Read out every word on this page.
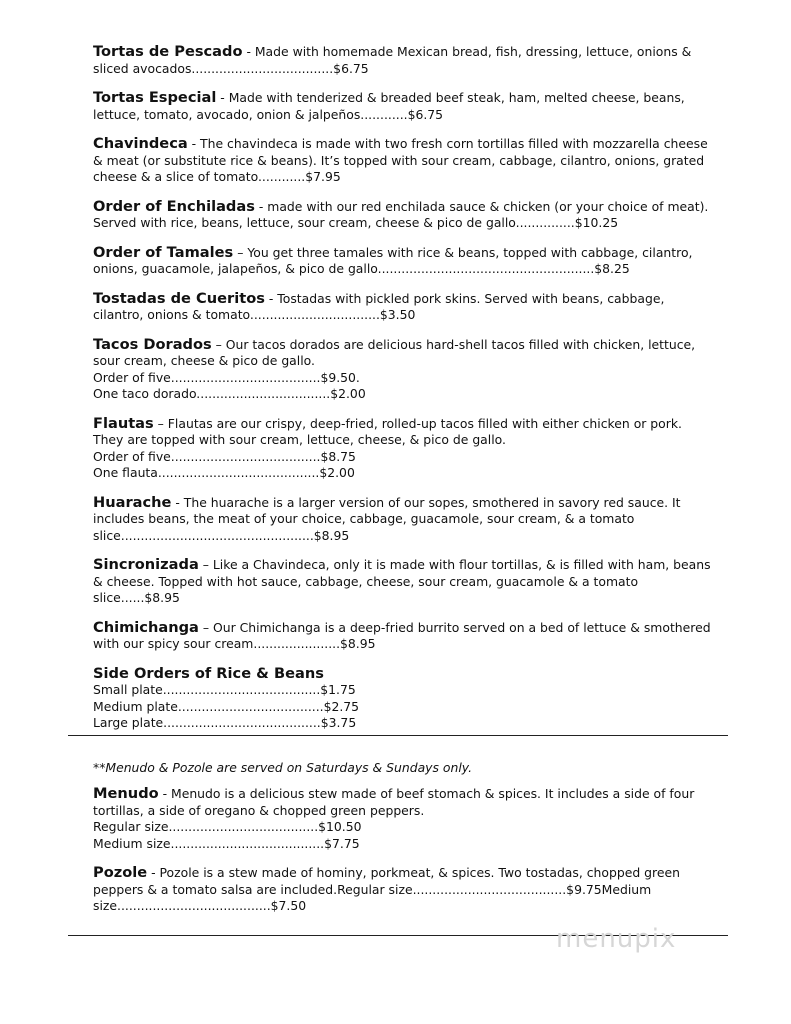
Tortas de Pescado - Made with homemade Mexican bread, fish, dressing, lettuce, onions & sliced avocados....................................$6.75
Tortas Especial - Made with tenderized & breaded beef steak, ham, melted cheese, beans, lettuce, tomato, avocado, onion & jalpeños............$6.75
Chavindeca - The chavindeca is made with two fresh corn tortillas filled with mozzarella cheese & meat (or substitute rice & beans). It’s topped with sour cream, cabbage, cilantro, onions, grated cheese & a slice of tomato............$7.95
Order of Enchiladas - made with our red enchilada sauce & chicken (or your choice of meat). Served with rice, beans, lettuce, sour cream, cheese & pico de gallo...............$10.25
Order of Tamales – You get three tamales with rice & beans, topped with cabbage, cilantro, onions, guacamole, jalapeños, & pico de gallo.......................................................$8.25
Tostadas de Cueritos - Tostadas with pickled pork skins. Served with beans, cabbage, cilantro, onions & tomato.................................$3.50
Tacos Dorados – Our tacos dorados are delicious hard-shell tacos filled with chicken, lettuce, sour cream, cheese & pico de gallo.
Order of five......................................$9.50.
One taco dorado..................................$2.00
Flautas – Flautas are our crispy, deep-fried, rolled-up tacos filled with either chicken or pork. They are topped with sour cream, lettuce, cheese, & pico de gallo.
Order of five......................................$8.75
One flauta.........................................$2.00
Huarache - The huarache is a larger version of our sopes, smothered in savory red sauce. It includes beans, the meat of your choice, cabbage, guacamole, sour cream, & a tomato slice.................................................$8.95
Sincronizada – Like a Chavindeca, only it is made with flour tortillas, & is filled with ham, beans & cheese. Topped with hot sauce, cabbage, cheese, sour cream, guacamole & a tomato slice......$8.95
Chimichanga – Our Chimichanga is a deep-fried burrito served on a bed of lettuce & smothered with our spicy sour cream......................$8.95
Side Orders of Rice & Beans
Small plate........................................$1.75
Medium plate.....................................$2.75
Large plate........................................$3.75
**Menudo & Pozole are served on Saturdays & Sundays only.
Menudo - Menudo is a delicious stew made of beef stomach & spices. It includes a side of four tortillas, a side of oregano & chopped green peppers.
Regular size......................................$10.50
Medium size.......................................$7.75
Pozole - Pozole is a stew made of hominy, porkmeat, & spices. Two tostadas, chopped green peppers & a tomato salsa are included.Regular size.......................................$9.75Medium size.......................................$7.50
menupix
